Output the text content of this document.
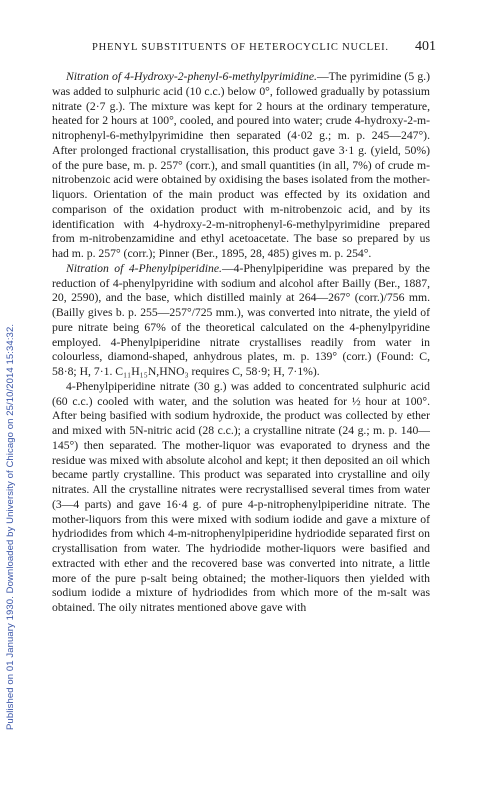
Published on 01 January 1930. Downloaded by University of Chicago on 25/10/2014 15:34:32.
PHENYL SUBSTITUENTS OF HETEROCYCLIC NUCLEI. 401

Nitration of 4-Hydroxy-2-phenyl-6-methylpyrimidine.—The pyrimidine (5 g.) was added to sulphuric acid (10 c.c.) below 0°, followed gradually by potassium nitrate (2·7 g.). The mixture was kept for 2 hours at the ordinary temperature, heated for 2 hours at 100°, cooled, and poured into water; crude 4-hydroxy-2-m-nitrophenyl-6-methylpyrimidine then separated (4·02 g.; m. p. 245—247°). After prolonged fractional crystallisation, this product gave 3·1 g. (yield, 50%) of the pure base, m. p. 257° (corr.), and small quantities (in all, 7%) of crude m-nitrobenzoic acid were obtained by oxidising the bases isolated from the mother-liquors. Orientation of the main product was effected by its oxidation and comparison of the oxidation product with m-nitrobenzoic acid, and by its identification with 4-hydroxy-2-m-nitrophenyl-6-methylpyrimidine prepared from m-nitrobenzamidine and ethyl acetoacetate. The base so prepared by us had m. p. 257° (corr.); Pinner (Ber., 1895, 28, 485) gives m. p. 254°.

Nitration of 4-Phenylpiperidine.—4-Phenylpiperidine was prepared by the reduction of 4-phenylpyridine with sodium and alcohol after Bailly (Ber., 1887, 20, 2590), and the base, which distilled mainly at 264—267° (corr.)/756 mm. (Bailly gives b. p. 255—257°/725 mm.), was converted into nitrate, the yield of pure nitrate being 67% of the theoretical calculated on the 4-phenylpyridine employed. 4-Phenylpiperidine nitrate crystallises readily from water in colourless, diamond-shaped, anhydrous plates, m. p. 139° (corr.) (Found: C, 58·8; H, 7·1. C₁₁H₁₅N,HNO₃ requires C, 58·9; H, 7·1%).

4-Phenylpiperidine nitrate (30 g.) was added to concentrated sulphuric acid (60 c.c.) cooled with water, and the solution was heated for ½ hour at 100°. After being basified with sodium hydroxide, the product was collected by ether and mixed with 5N-nitric acid (28 c.c.); a crystalline nitrate (24 g.; m. p. 140—145°) then separated. The mother-liquor was evaporated to dryness and the residue was mixed with absolute alcohol and kept; it then deposited an oil which became partly crystalline. This product was separated into crystalline and oily nitrates. All the crystalline nitrates were recrystallised several times from water (3—4 parts) and gave 16·4 g. of pure 4-p-nitrophenylpiperidine nitrate. The mother-liquors from this were mixed with sodium iodide and gave a mixture of hydriodides from which 4-m-nitrophenylpiperidine hydriodide separated first on crystallisation from water. The hydriodide mother-liquors were basified and extracted with ether and the recovered base was converted into nitrate, a little more of the pure p-salt being obtained; the mother-liquors then yielded with sodium iodide a mixture of hydriodides from which more of the m-salt was obtained. The oily nitrates mentioned above gave with
